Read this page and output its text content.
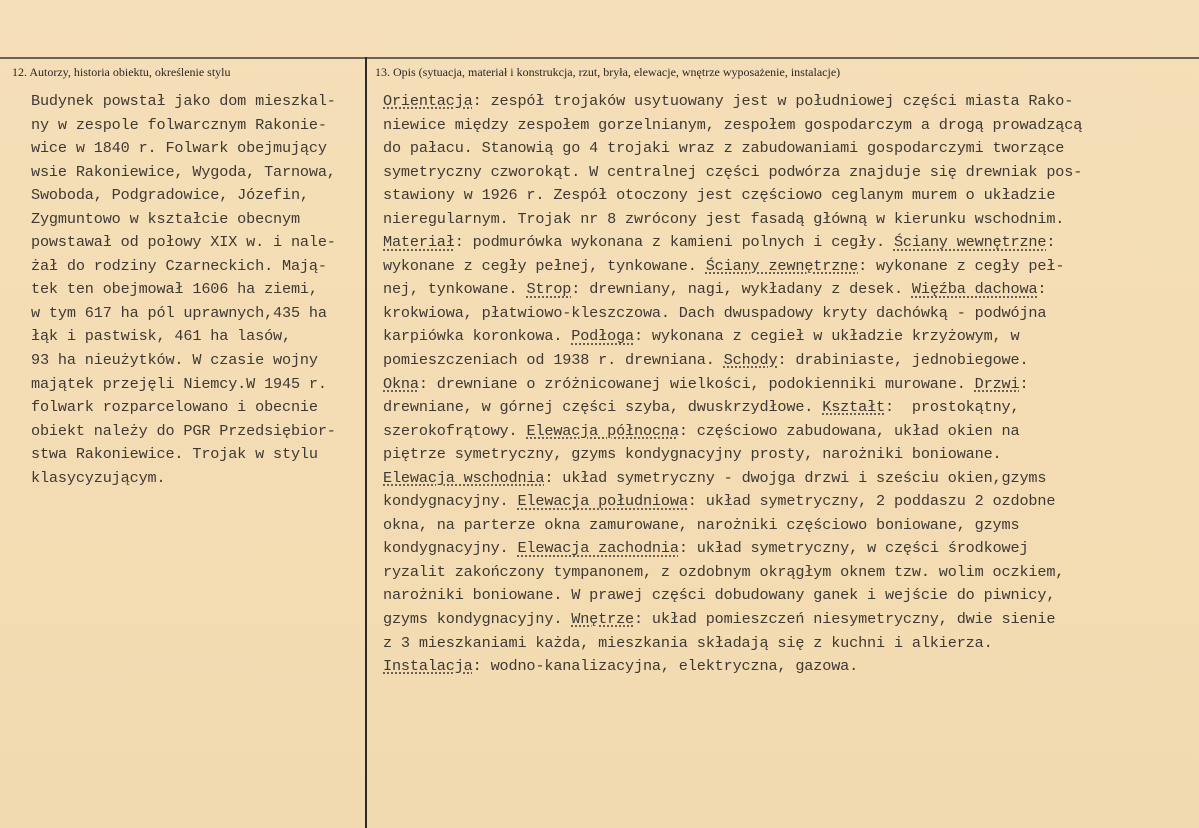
12. Autorzy, historia obiektu, określenie stylu	13. Opis (sytuacja, materiał i konstrukcja, rzut, bryła, elewacje, wnętrze wyposażenie, instalacje)
Budynek powstał jako dom mieszkal-
ny w zespole folwarcznym Rakonie-
wice w 1840 r. Folwark obejmujący
wsie Rakoniewice, Wygoda, Tarnowa,
Swoboda, Podgradowice, Józefin,
Zygmuntowo w kształcie obecnym
powstawał od połowy XIX w. i nale-
żał do rodziny Czarneckich. Mają-
tek ten obejmował 1606 ha ziemi,
w tym 617 ha pól uprawnych,435 ha
łąk i pastwisk, 461 ha lasów,
93 ha nieużytków. W czasie wojny
majątek przejęli Niemcy.W 1945 r.
folwark rozparcelowano i obecnie
obiekt należy do PGR Przedsiębior-
stwa Rakoniewice. Trojak w stylu
klasycyzującym.
Orientacja: zespół trojaków usytuowany jest w południowej części miasta Rako-
niewice między zespołem gorzelnianym, zespołem gospodarczym a drogą prowadzącą
do pałacu. Stanowią go 4 trojaki wraz z zabudowaniami gospodarczymi tworzące
symetryczny czworokąt. W centralnej części podwórza znajduje się drewniak pos-
stawiony w 1926 r. Zespół otoczony jest częściowo ceglanym murem o układzie
nieregularnym. Trojak nr 8 zwrócony jest fasadą główną w kierunku wschodnim.
Materiał: podmurówka wykonana z kamieni polnych i cegły. Ściany wewnętrzne:
wykonane z cegły pełnej, tynkowane. Ściany zewnętrzne: wykonane z cegły peł-
nej, tynkowane. Strop: drewniany, nagi, wykładany z desek. Więźba dachowa:
krokwiowa, płatwiowo-kleszczowa. Dach dwuspadowy kryty dachówką - podwójna
karpiówka koronkowa. Podłoga: wykonana z cegieł w układzie krzyżowym, w
pomieszczeniach od 1938 r. drewniana. Schody: drabiniaste, jednobiegowe.
Okna: drewniane o zróżnicowanej wielkości, podokienniki murowane. Drzwi:
drewniane, w górnej części szyba, dwuskrzydłowe. Kształt:  prostokątny,
szerokofrątowy. Elewacja północna: częściowo zabudowana, układ okien na
piętrze symetryczny, gzyms kondygnacyjny prosty, narożniki boniowane.
Elewacja wschodnia: układ symetryczny - dwojga drzwi i sześciu okien,gzyms
kondygnacyjny. Elewacja południowa: układ symetryczny, 2 poddaszu 2 ozdobne
okna, na parterze okna zamurowane, narożniki częściowo boniowane, gzyms
kondygnacyjny. Elewacja zachodnia: układ symetryczny, w części środkowej
ryzalit zakończony tympanonem, z ozdobnym okrągłym oknem tzw. wolim oczkiem,
narożniki boniowane. W prawej części dobudowany ganek i wejście do piwnicy,
gzyms kondygnacyjny. Wnętrze: układ pomieszczeń niesymetryczny, dwie sienie
z 3 mieszkaniami każda, mieszkania składają się z kuchni i alkierza.
Instalacja: wodno-kanalizacyjna, elektryczna, gazowa.
